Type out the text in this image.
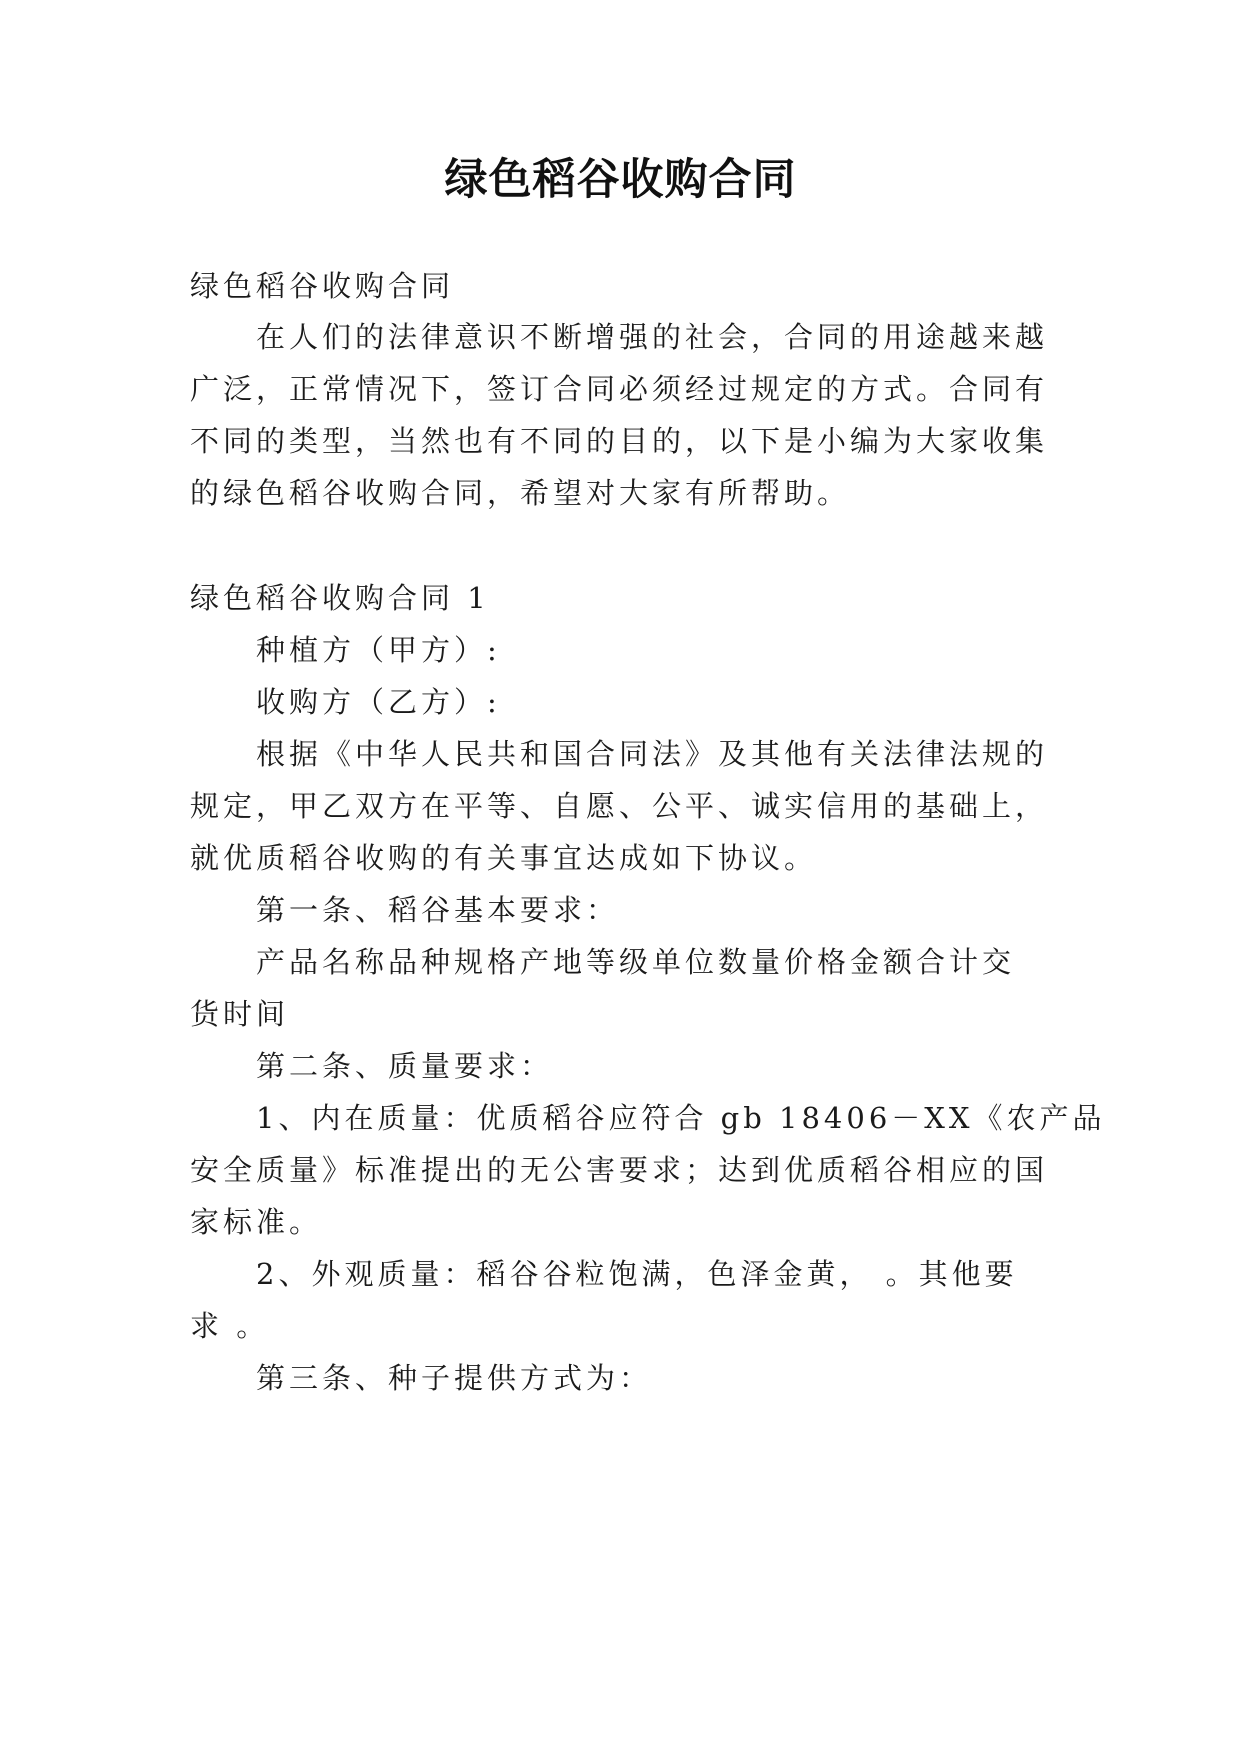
绿色稻谷收购合同
绿色稻谷收购合同
在人们的法律意识不断增强的社会，合同的用途越来越
广泛，正常情况下，签订合同必须经过规定的方式。合同有
不同的类型，当然也有不同的目的，以下是小编为大家收集
的绿色稻谷收购合同，希望对大家有所帮助。
绿色稻谷收购合同 1
种植方（甲方）:
收购方（乙方）:
根据《中华人民共和国合同法》及其他有关法律法规的
规定，甲乙双方在平等、自愿、公平、诚实信用的基础上，
就优质稻谷收购的有关事宜达成如下协议。
第一条、稻谷基本要求：
产品名称品种规格产地等级单位数量价格金额合计交
货时间
第二条、质量要求：
1、内在质量：优质稻谷应符合 gb 18406－XX《农产品
安全质量》标准提出的无公害要求；达到优质稻谷相应的国
家标准。
2、外观质量：稻谷谷粒饱满，色泽金黄， 。其他要
求 。
第三条、种子提供方式为：
